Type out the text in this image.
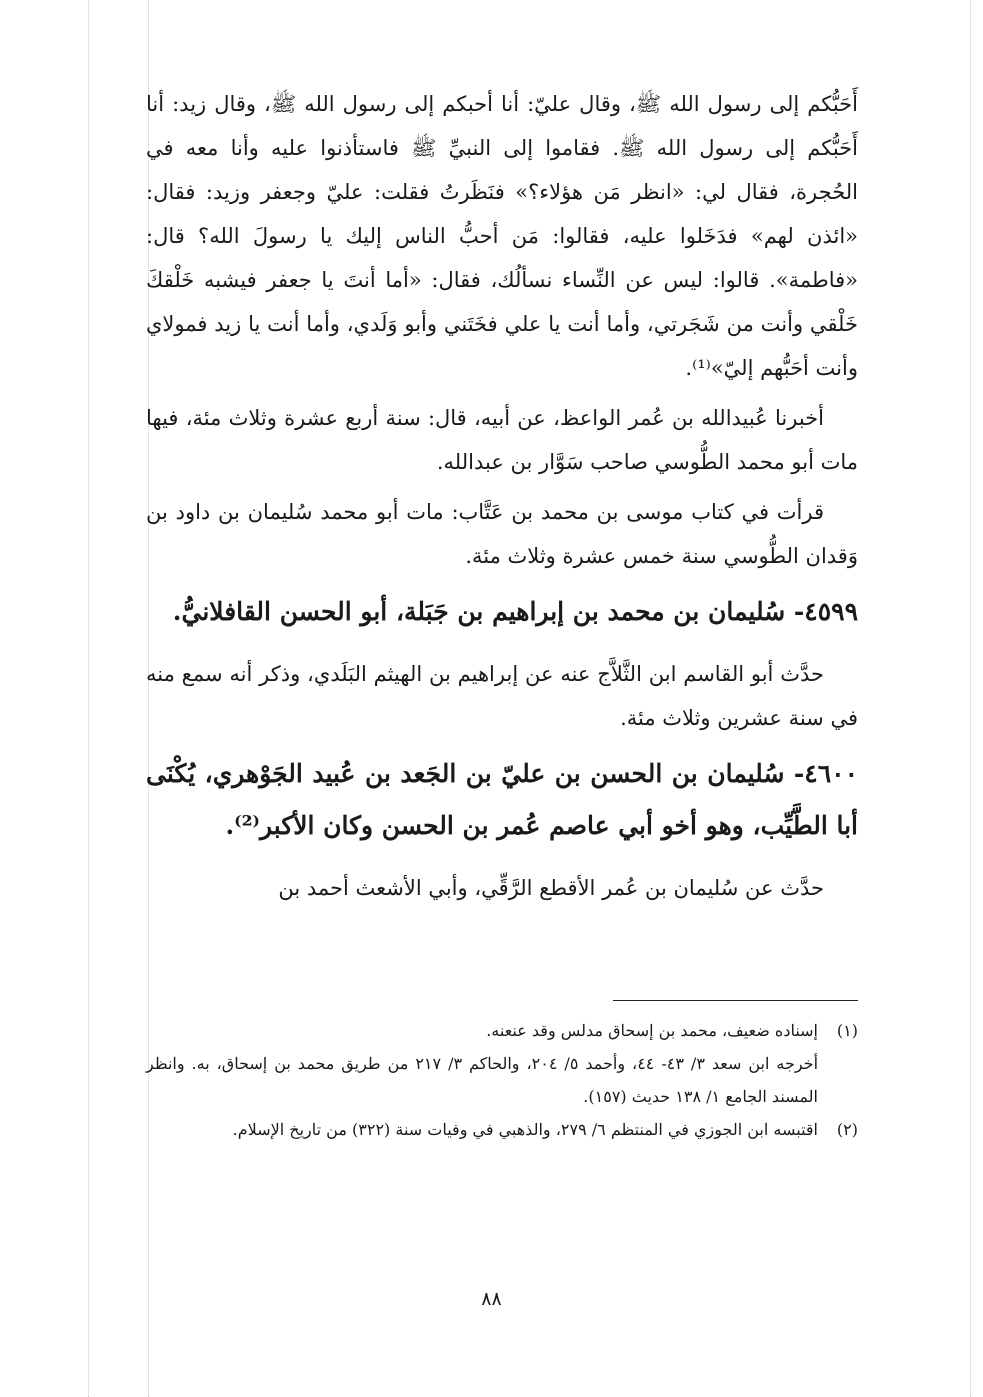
أَحَبُّكم إلى رسول الله ﷺ، وقال عليّ: أنا أحبكم إلى رسول الله ﷺ، وقال زيد: أنا أَحَبُّكم إلى رسول الله ﷺ. فقاموا إلى النبيِّ ﷺ فاستأذنوا عليه وأنا معه في الحُجرة، فقال لي: «انظر مَن هؤلاء؟» فنَظَرتُ فقلت: عليّ وجعفر وزيد: فقال: «ائذن لهم» فدَخَلوا عليه، فقالوا: مَن أحبُّ الناس إليك يا رسولَ الله؟ قال: «فاطمة». قالوا: ليس عن النِّساء نسألُك، فقال: «أما أنتَ يا جعفر فيشبه خَلْقكَ خَلْقي وأنت من شَجَرتي، وأما أنت يا علي فخَتَني وأبو وَلَدي، وأما أنت يا زيد فمولاي وأنت أحَبُّهم إليّ»⁽¹⁾.

أخبرنا عُبيدالله بن عُمر الواعظ، عن أبيه، قال: سنة أربع عشرة وثلاث مئة، فيها مات أبو محمد الطُّوسي صاحب سَوَّار بن عبدالله.

قرأت في كتاب موسى بن محمد بن عَتَّاب: مات أبو محمد سُليمان بن داود بن وَقدان الطُّوسي سنة خمس عشرة وثلاث مئة.

٤٥٩٩- سُليمان بن محمد بن إبراهيم بن جَبَلة، أبو الحسن القافلانيُّ.

حدَّث أبو القاسم ابن الثَّلاَّج عنه عن إبراهيم بن الهيثم البَلَدي، وذكر أنه سمع منه في سنة عشرين وثلاث مئة.

٤٦٠٠- سُليمان بن الحسن بن عليّ بن الجَعد بن عُبيد الجَوْهري، يُكْنَى أبا الطَّيِّب، وهو أخو أبي عاصم عُمر بن الحسن وكان الأكبر⁽²⁾.

حدَّث عن سُليمان بن عُمر الأقطع الرَّقِّي، وأبي الأشعث أحمد بن

(١)
إسناده ضعيف، محمد بن إسحاق مدلس وقد عنعنه.
أخرجه ابن سعد ٣/ ٤٣- ٤٤، وأحمد ٥/ ٢٠٤، والحاكم ٣/ ٢١٧ من طريق محمد بن إسحاق، به. وانظر المسند الجامع ١/ ١٣٨ حديث (١٥٧).
(٢)
اقتبسه ابن الجوزي في المنتظم ٦/ ٢٧٩، والذهبي في وفيات سنة (٣٢٢) من تاريخ الإسلام.
٨٨
